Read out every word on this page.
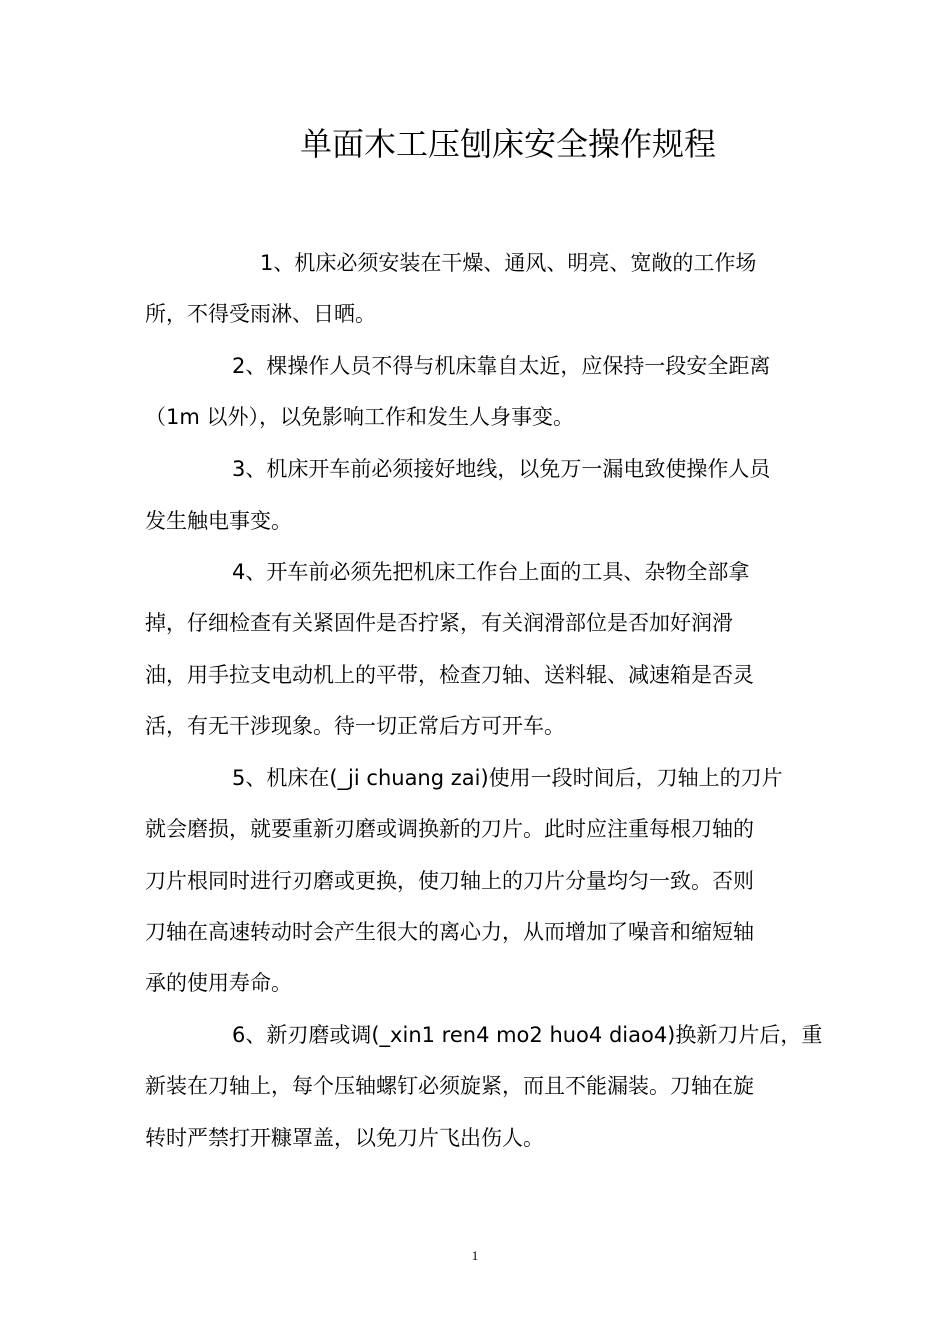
单面木工压刨床安全操作规程

1、机床必须安装在干燥、通风、明亮、宽敞的工作场

所，不得受雨淋、日晒。

2、棵操作人员不得与机床靠自太近，应保持一段安全距离

（1m 以外），以免影响工作和发生人身事变。

3、机床开车前必须接好地线，以免万一漏电致使操作人员

发生触电事变。

4、开车前必须先把机床工作台上面的工具、杂物全部拿

掉，仔细检查有关紧固件是否拧紧，有关润滑部位是否加好润滑

油，用手拉支电动机上的平带，检查刀轴、送料辊、减速箱是否灵

活，有无干涉现象。待一切正常后方可开车。

5、机床在(_ji chuang zai)使用一段时间后，刀轴上的刀片

就会磨损，就要重新刃磨或调换新的刀片。此时应注重每根刀轴的

刀片根同时进行刃磨或更换，使刀轴上的刀片分量均匀一致。否则

刀轴在高速转动时会产生很大的离心力，从而增加了噪音和缩短轴

承的使用寿命。

6、新刃磨或调(_xin1 ren4 mo2 huo4 diao4)换新刀片后，重

新装在刀轴上，每个压轴螺钉必须旋紧，而且不能漏装。刀轴在旋

转时严禁打开糠罩盖，以免刀片飞出伤人。

1
